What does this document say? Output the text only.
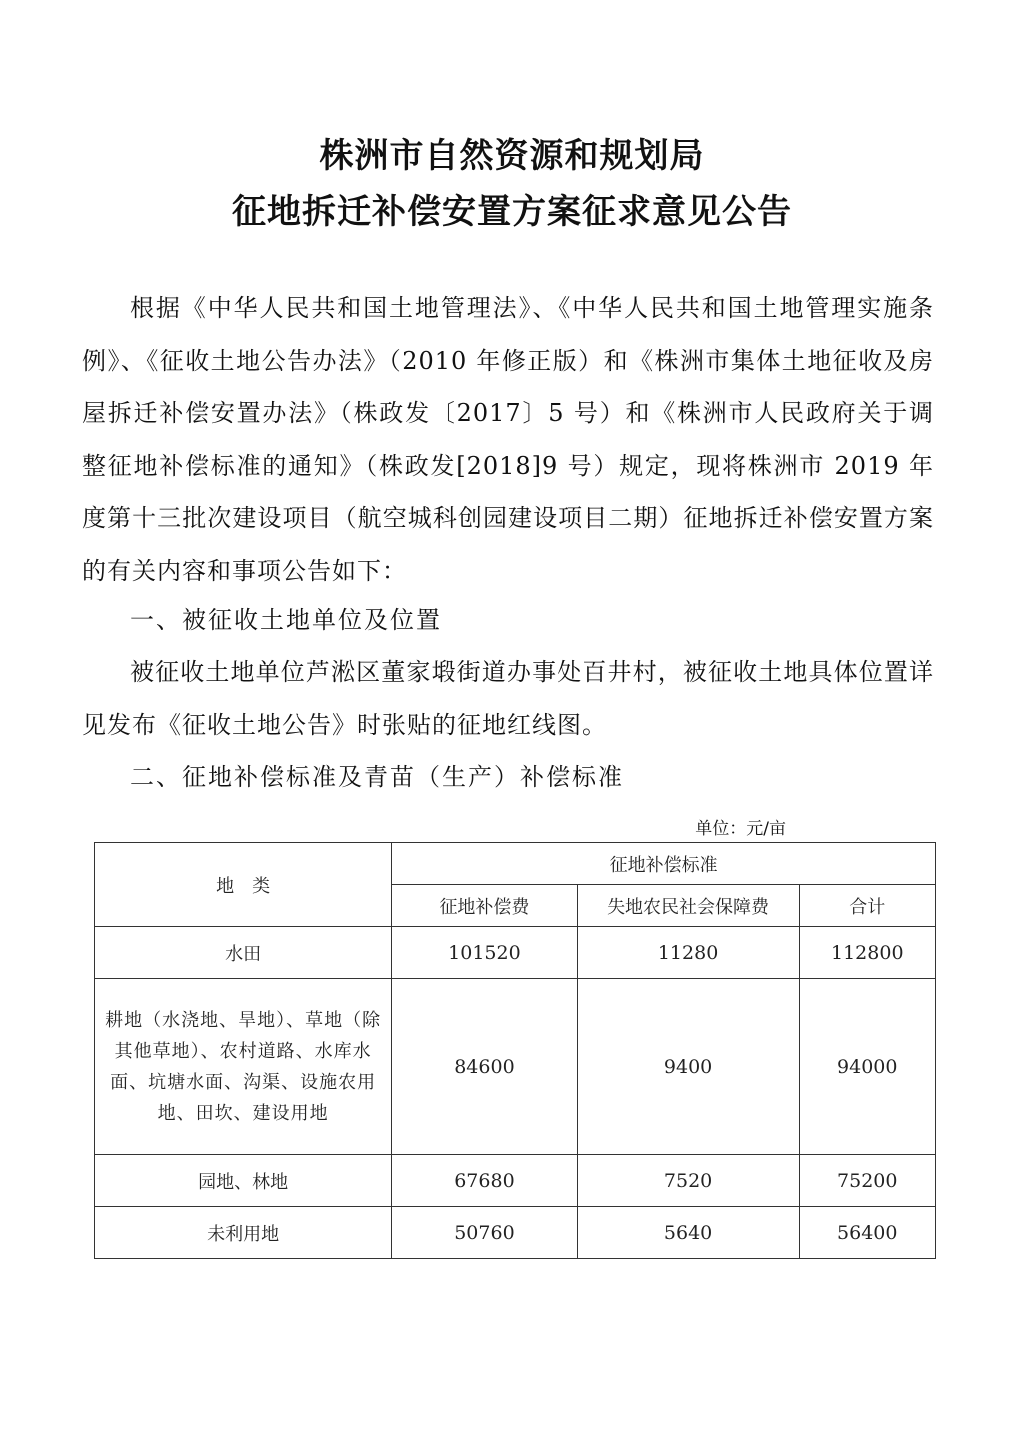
株洲市自然资源和规划局
征地拆迁补偿安置方案征求意见公告
根据《中华人民共和国土地管理法》、《中华人民共和国土地管理实施条例》、《征收土地公告办法》（2010 年修正版）和《株洲市集体土地征收及房屋拆迁补偿安置办法》（株政发〔2017〕5 号）和《株洲市人民政府关于调整征地补偿标准的通知》（株政发[2018]9 号）规定，现将株洲市 2019 年度第十三批次建设项目（航空城科创园建设项目二期）征地拆迁补偿安置方案的有关内容和事项公告如下：
一、被征收土地单位及位置
被征收土地单位芦淞区董家塅街道办事处百井村，被征收土地具体位置详见发布《征收土地公告》时张贴的征地红线图。
二、征地补偿标准及青苗（生产）补偿标准
单位：元/亩
地　类	征地补偿标准		
	征地补偿费	失地农民社会保障费	合计
水田	101520	11280	112800
耕地（水浇地、旱地）、草地（除其他草地）、农村道路、水库水面、坑塘水面、沟渠、设施农用地、田坎、建设用地	84600	9400	94000
园地、林地	67680	7520	75200
未利用地	50760	5640	56400
